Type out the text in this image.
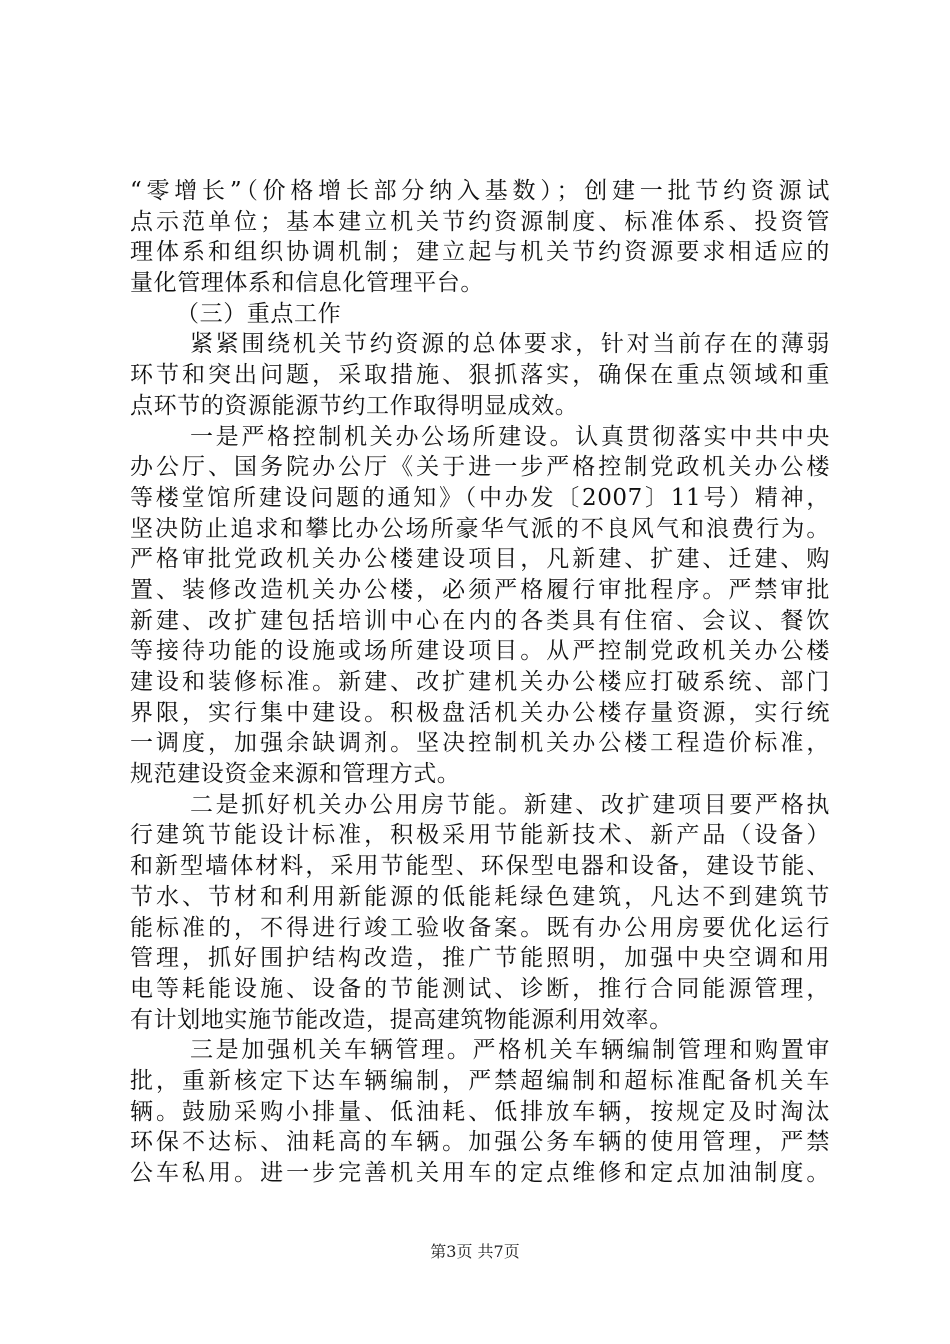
“零增长”（价格增长部分纳入基数）；创建一批节约资源试
点示范单位；基本建立机关节约资源制度、标准体系、投资管
理体系和组织协调机制；建立起与机关节约资源要求相适应的
量化管理体系和信息化管理平台。
（三）重点工作
紧紧围绕机关节约资源的总体要求，针对当前存在的薄弱
环节和突出问题，采取措施、狠抓落实，确保在重点领域和重
点环节的资源能源节约工作取得明显成效。
一是严格控制机关办公场所建设。认真贯彻落实中共中央
办公厅、国务院办公厅《关于进一步严格控制党政机关办公楼
等楼堂馆所建设问题的通知》（中办发〔2007〕11号）精神，
坚决防止追求和攀比办公场所豪华气派的不良风气和浪费行为。
严格审批党政机关办公楼建设项目，凡新建、扩建、迁建、购
置、装修改造机关办公楼，必须严格履行审批程序。严禁审批
新建、改扩建包括培训中心在内的各类具有住宿、会议、餐饮
等接待功能的设施或场所建设项目。从严控制党政机关办公楼
建设和装修标准。新建、改扩建机关办公楼应打破系统、部门
界限，实行集中建设。积极盘活机关办公楼存量资源，实行统
一调度，加强余缺调剂。坚决控制机关办公楼工程造价标准，
规范建设资金来源和管理方式。
二是抓好机关办公用房节能。新建、改扩建项目要严格执
行建筑节能设计标准，积极采用节能新技术、新产品（设备）
和新型墙体材料，采用节能型、环保型电器和设备，建设节能、
节水、节材和利用新能源的低能耗绿色建筑，凡达不到建筑节
能标准的，不得进行竣工验收备案。既有办公用房要优化运行
管理，抓好围护结构改造，推广节能照明，加强中央空调和用
电等耗能设施、设备的节能测试、诊断，推行合同能源管理，
有计划地实施节能改造，提高建筑物能源利用效率。
三是加强机关车辆管理。严格机关车辆编制管理和购置审
批，重新核定下达车辆编制，严禁超编制和超标准配备机关车
辆。鼓励采购小排量、低油耗、低排放车辆，按规定及时淘汰
环保不达标、油耗高的车辆。加强公务车辆的使用管理，严禁
公车私用。进一步完善机关用车的定点维修和定点加油制度。
第3页 共7页
